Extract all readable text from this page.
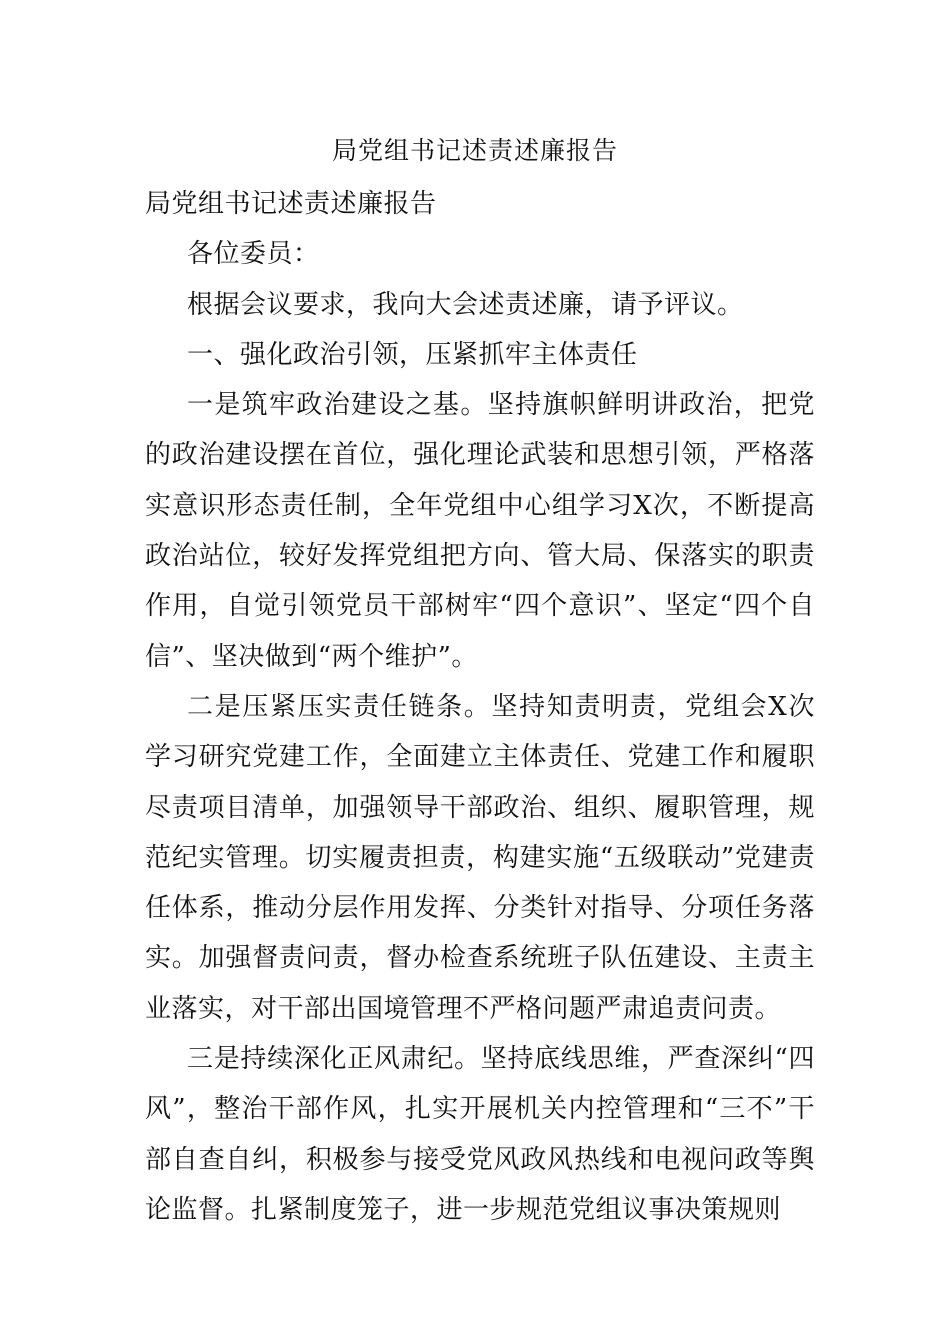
局党组书记述责述廉报告

局党组书记述责述廉报告

各位委员：

根据会议要求，我向大会述责述廉，请予评议。

一、强化政治引领，压紧抓牢主体责任

一是筑牢政治建设之基。坚持旗帜鲜明讲政治，把党的政治建设摆在首位，强化理论武装和思想引领，严格落实意识形态责任制，全年党组中心组学习X次，不断提高政治站位，较好发挥党组把方向、管大局、保落实的职责作用，自觉引领党员干部树牢“四个意识”、坚定“四个自信”、坚决做到“两个维护”。

二是压紧压实责任链条。坚持知责明责，党组会X次学习研究党建工作，全面建立主体责任、党建工作和履职尽责项目清单，加强领导干部政治、组织、履职管理，规范纪实管理。切实履责担责，构建实施“五级联动”党建责任体系，推动分层作用发挥、分类针对指导、分项任务落实。加强督责问责，督办检查系统班子队伍建设、主责主业落实，对干部出国境管理不严格问题严肃追责问责。

三是持续深化正风肃纪。坚持底线思维，严查深纠“四风”，整治干部作风，扎实开展机关内控管理和“三不”干部自查自纠，积极参与接受党风政风热线和电视问政等舆论监督。扎紧制度笼子，进一步规范党组议事决策规则
